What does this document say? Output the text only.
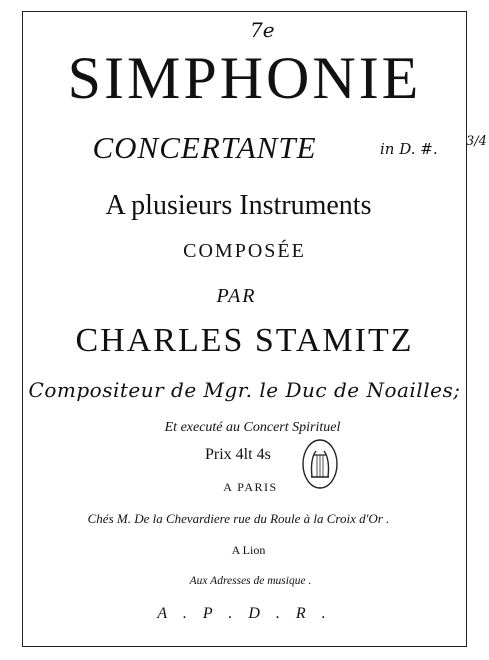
7e
SIMPHONIE
CONCERTANTE	in D. #. 3/4
A plusieurs Instruments
COMPOSÉE
PAR
CHARLES STAMITZ
Compositeur de Mgr. le Duc de Noailles;
Et executé au Concert Spirituel
Prix 4lt 4s
A PARIS
Chés M. De la Chevardiere rue du Roule à la Croix d'Or .
A Lion
Aux Adresses de musique .
A . P . D . R .
